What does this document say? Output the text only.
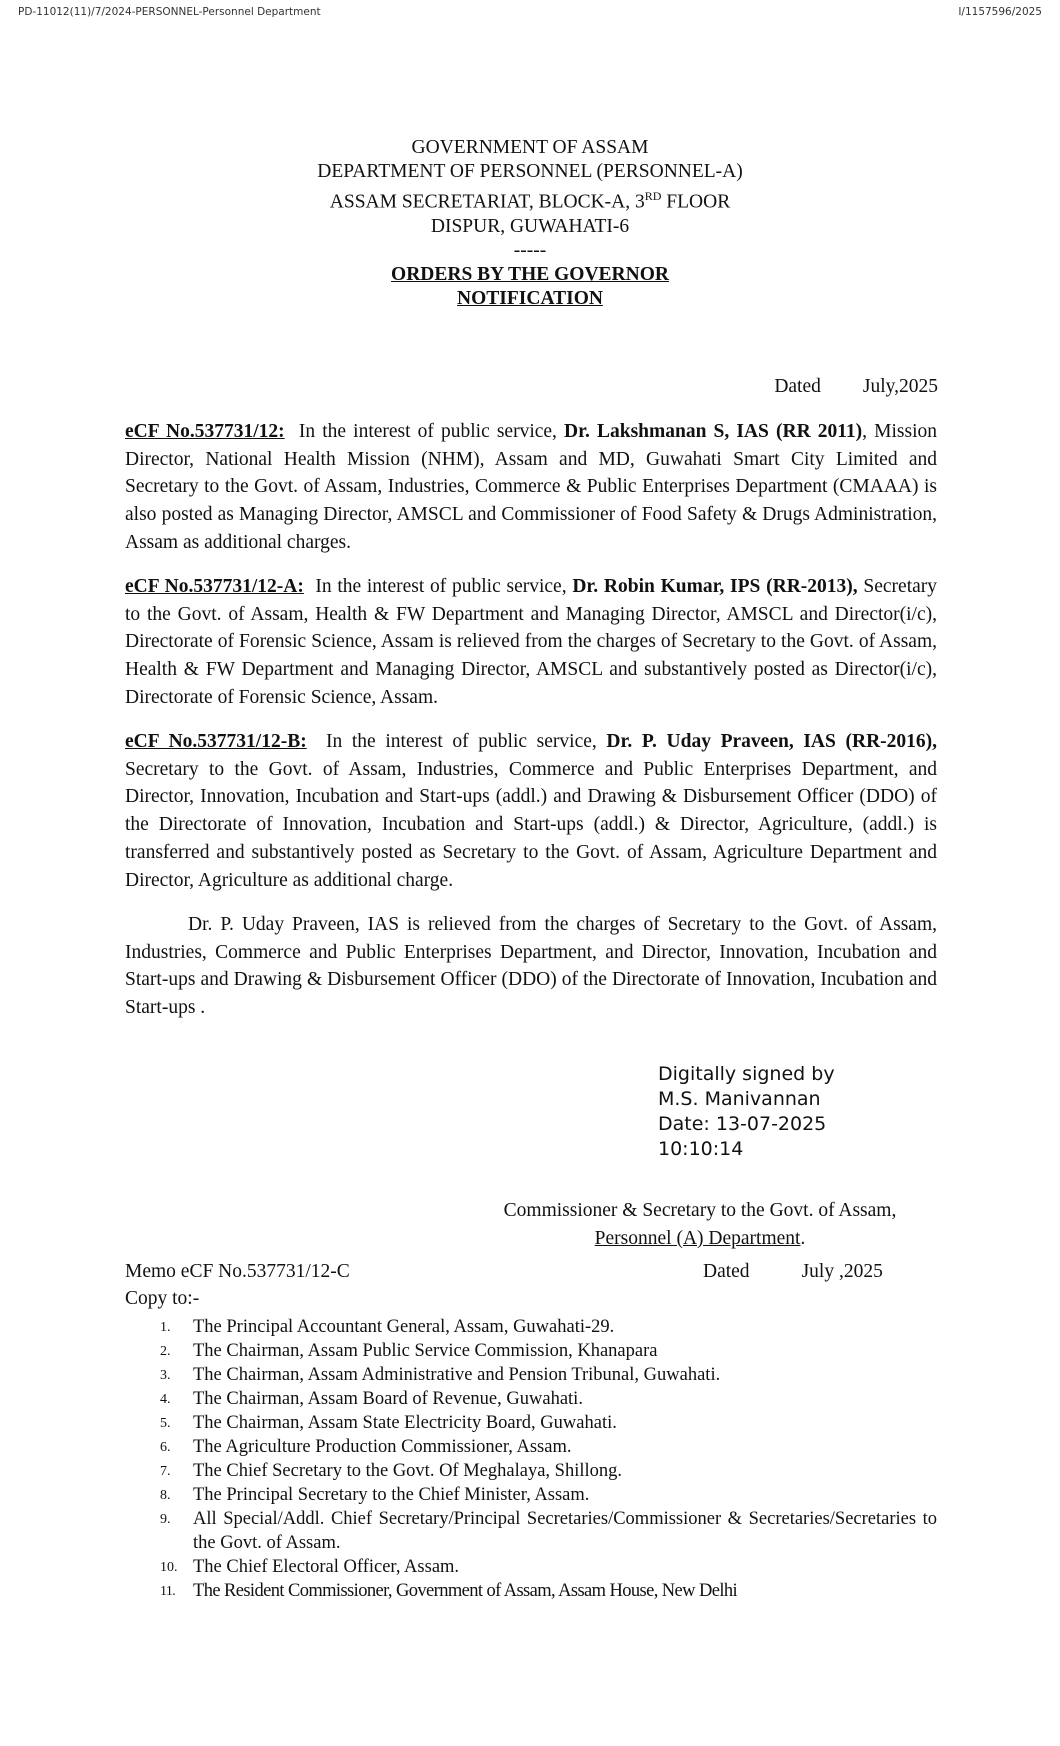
PD-11012(11)/7/2024-PERSONNEL-Personnel Department	I/1157596/2025
GOVERNMENT OF ASSAM
DEPARTMENT OF PERSONNEL (PERSONNEL-A)
ASSAM SECRETARIAT, BLOCK-A, 3RD FLOOR
DISPUR, GUWAHATI-6
-----
ORDERS BY THE GOVERNOR
NOTIFICATION
Dated July,2025
eCF No.537731/12: In the interest of public service, Dr. Lakshmanan S, IAS (RR 2011), Mission Director, National Health Mission (NHM), Assam and MD, Guwahati Smart City Limited and Secretary to the Govt. of Assam, Industries, Commerce & Public Enterprises Department (CMAAA) is also posted as Managing Director, AMSCL and Commissioner of Food Safety & Drugs Administration, Assam as additional charges.
eCF No.537731/12-A: In the interest of public service, Dr. Robin Kumar, IPS (RR-2013), Secretary to the Govt. of Assam, Health & FW Department and Managing Director, AMSCL and Director(i/c), Directorate of Forensic Science, Assam is relieved from the charges of Secretary to the Govt. of Assam, Health & FW Department and Managing Director, AMSCL and substantively posted as Director(i/c), Directorate of Forensic Science, Assam.
eCF No.537731/12-B: In the interest of public service, Dr. P. Uday Praveen, IAS (RR-2016), Secretary to the Govt. of Assam, Industries, Commerce and Public Enterprises Department, and Director, Innovation, Incubation and Start-ups (addl.) and Drawing & Disbursement Officer (DDO) of the Directorate of Innovation, Incubation and Start-ups (addl.) & Director, Agriculture, (addl.) is transferred and substantively posted as Secretary to the Govt. of Assam, Agriculture Department and Director, Agriculture as additional charge.
Dr. P. Uday Praveen, IAS is relieved from the charges of Secretary to the Govt. of Assam, Industries, Commerce and Public Enterprises Department, and Director, Innovation, Incubation and Start-ups and Drawing & Disbursement Officer (DDO) of the Directorate of Innovation, Incubation and Start-ups .
Digitally signed by
M.S. Manivannan
Date: 13-07-2025
10:10:14
Commissioner & Secretary to the Govt. of Assam,
Personnel (A) Department.
Memo eCF No.537731/12-C	Dated	July ,2025
Copy to:-
1.	The Principal Accountant General, Assam, Guwahati-29.
2.	The Chairman, Assam Public Service Commission, Khanapara
3.	The Chairman, Assam Administrative and Pension Tribunal, Guwahati.
4.	The Chairman, Assam Board of Revenue, Guwahati.
5.	The Chairman, Assam State Electricity Board, Guwahati.
6.	The Agriculture Production Commissioner, Assam.
7.	The Chief Secretary to the Govt. Of Meghalaya, Shillong.
8.	The Principal Secretary to the Chief Minister, Assam.
9.	All Special/Addl. Chief Secretary/Principal Secretaries/Commissioner & Secretaries/Secretaries to the Govt. of Assam.
10. The Chief Electoral Officer, Assam.
11. The Resident Commissioner, Government of Assam, Assam House, New Delhi
